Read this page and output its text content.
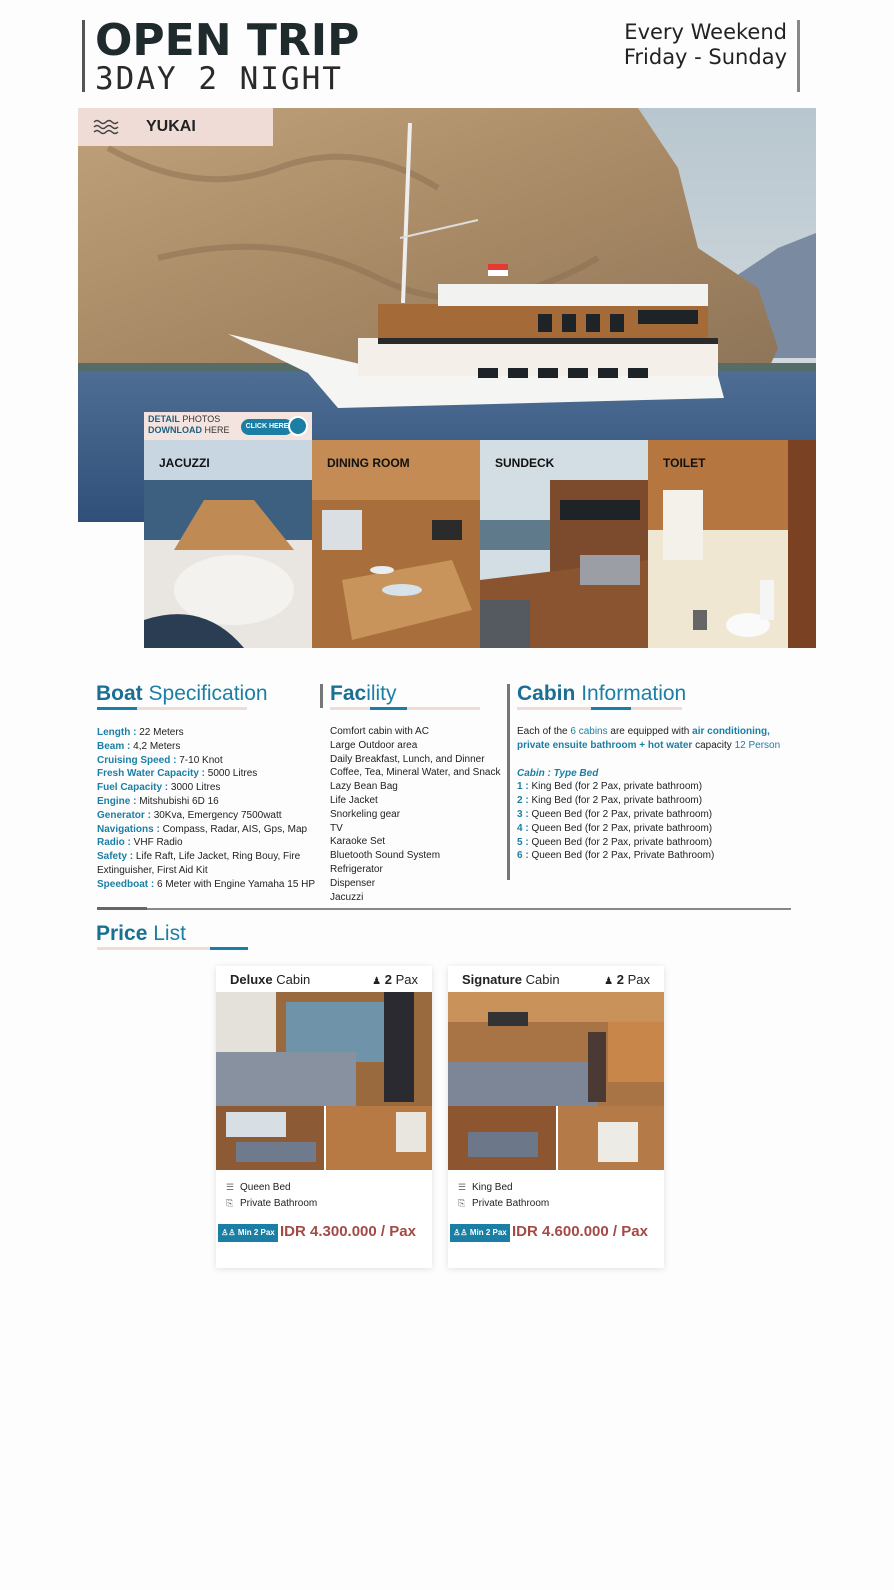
OPEN TRIP
3DAY 2 NIGHT
Every Weekend
Friday - Sunday
YUKAI
DETAIL PHOTOS
DOWNLOAD HERE	CLICK HERE
JACUZZI	DINING ROOM	SUNDECK	TOILET
Boat Specification
Length : 22 Meters
Beam : 4,2 Meters
Cruising Speed : 7-10 Knot
Fresh Water Capacity : 5000 Litres
Fuel Capacity : 3000 Litres
Engine : Mitshubishi 6D 16
Generator : 30Kva, Emergency 7500watt
Navigations : Compass, Radar, AIS, Gps, Map
Radio : VHF Radio
Safety : Life Raft, Life Jacket, Ring Bouy, Fire Extinguisher, First Aid Kit
Speedboat : 6 Meter with Engine Yamaha 15 HP
Facility
Comfort cabin with AC
Large Outdoor area
Daily Breakfast, Lunch, and Dinner
Coffee, Tea, Mineral Water, and Snack
Lazy Bean Bag
Life Jacket
Snorkeling gear
TV
Karaoke Set
Bluetooth Sound System
Refrigerator
Dispenser
Jacuzzi
Cabin Information
Each of the 6 cabins are equipped with air conditioning, private ensuite bathroom + hot water capacity 12 Person
Cabin : Type Bed
1 : King Bed (for 2 Pax, private bathroom)
2 : King Bed (for 2 Pax, private bathroom)
3 : Queen Bed (for 2 Pax, private bathroom)
4 : Queen Bed (for 2 Pax, private bathroom)
5 : Queen Bed (for 2 Pax, private bathroom)
6 : Queen Bed (for 2 Pax, Private Bathroom)
Price List
Deluxe Cabin	♟ 2 Pax
☰ Queen Bed
⎘ Private Bathroom
♙♙ Min 2 Pax IDR 4.300.000 / Pax
Signature Cabin	♟ 2 Pax
☰ King Bed
⎘ Private Bathroom
♙♙ Min 2 Pax IDR 4.600.000 / Pax
